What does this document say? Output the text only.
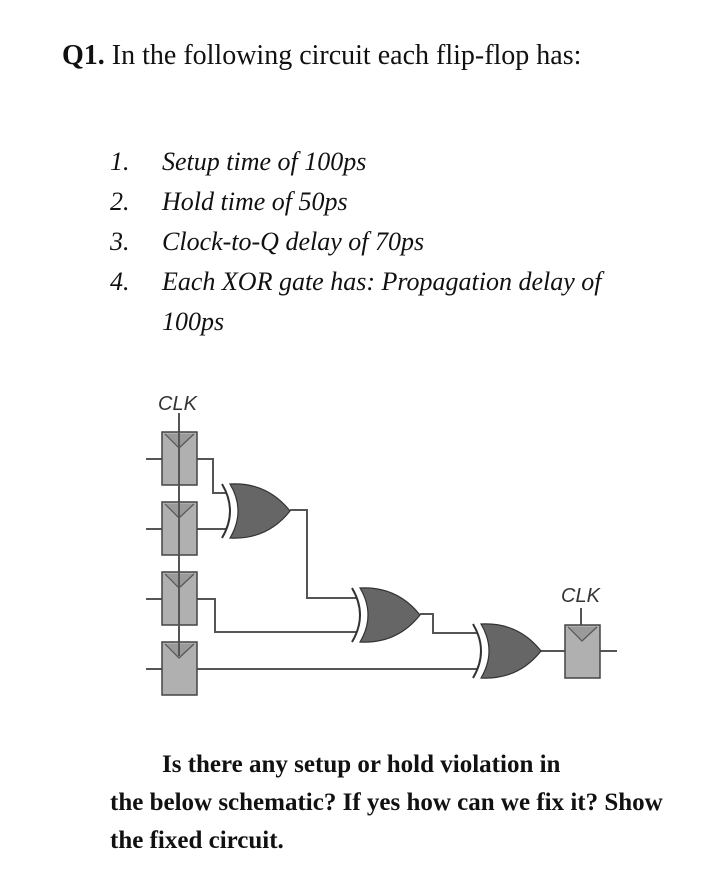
Q1. In the following circuit each flip-flop has:
1.	Setup time of 100ps
2.	Hold time of 50ps
3.	Clock-to-Q delay of 70ps
4.	Each XOR gate has: Propagation delay of 100ps
CLK
CLK
Is there any setup or hold violation in
the below schematic? If yes how can we fix it? Show the fixed circuit.
